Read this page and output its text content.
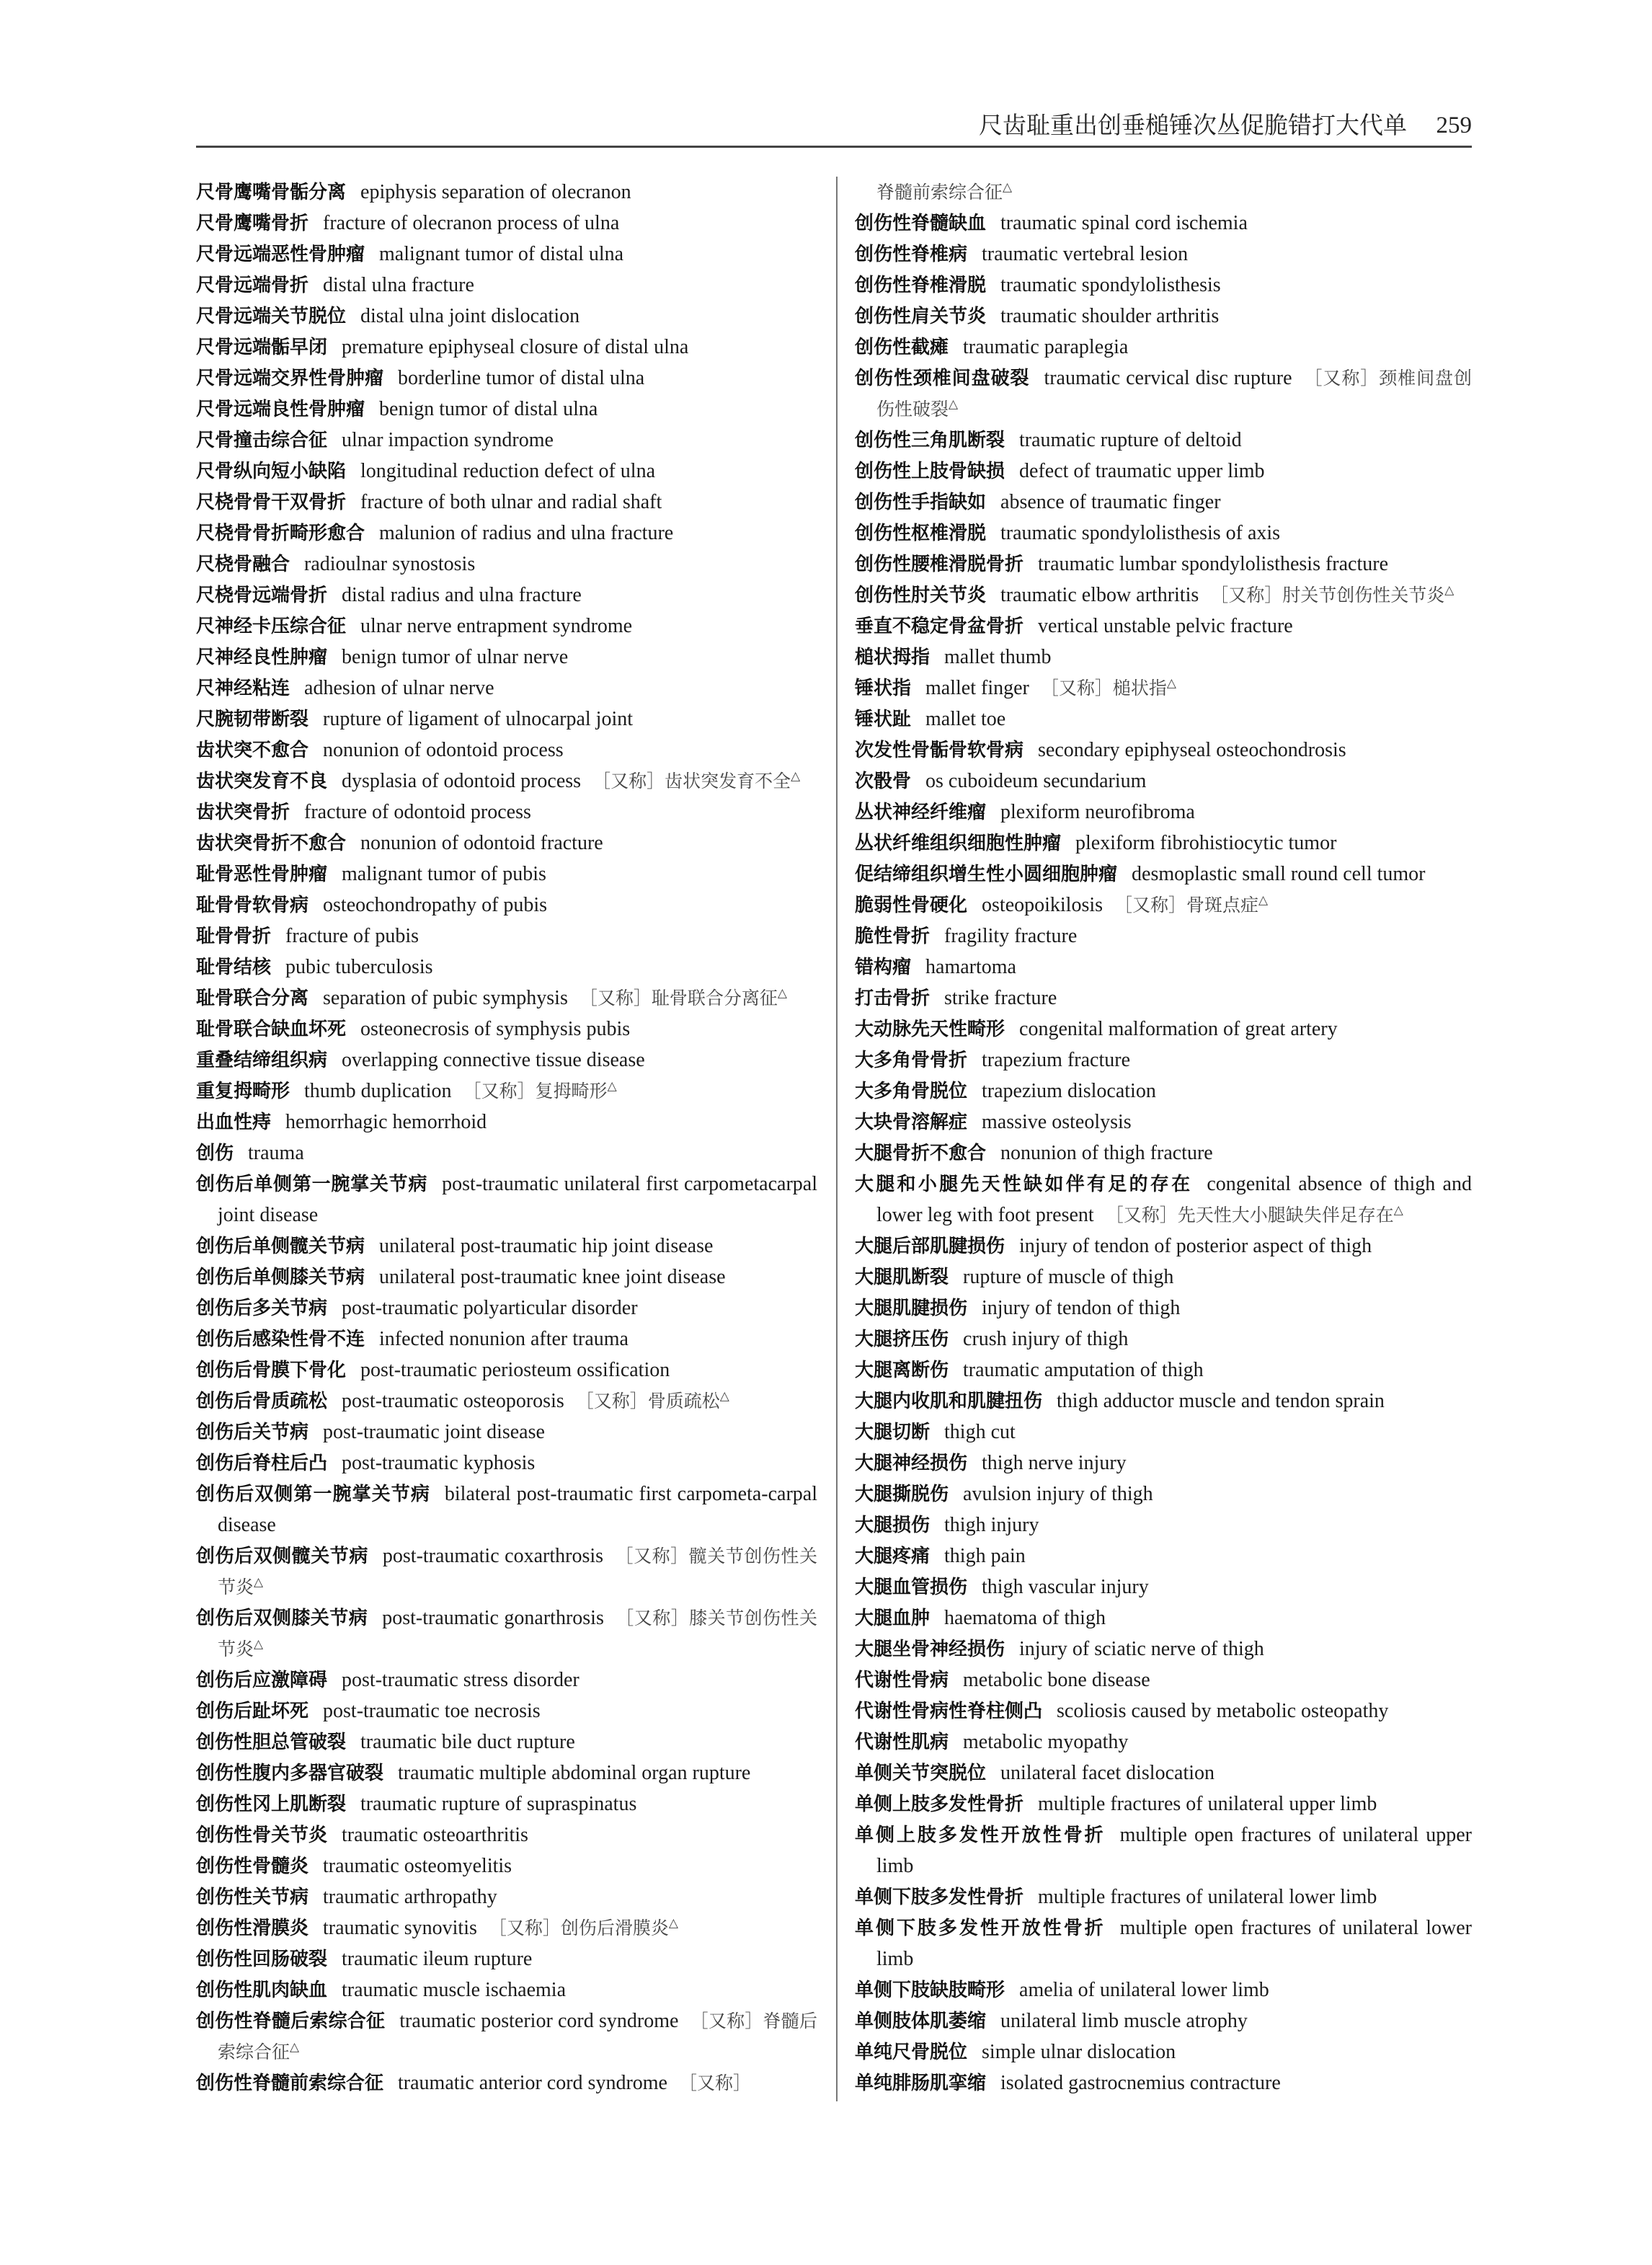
尺齿耻重出创垂槌锤次丛促脆错打大代单 259
尺骨鹰嘴骨骺分离 epiphysis separation of olecranon
尺骨鹰嘴骨折 fracture of olecranon process of ulna
尺骨远端恶性骨肿瘤 malignant tumor of distal ulna
尺骨远端骨折 distal ulna fracture
尺骨远端关节脱位 distal ulna joint dislocation
尺骨远端骺早闭 premature epiphyseal closure of distal ulna
尺骨远端交界性骨肿瘤 borderline tumor of distal ulna
尺骨远端良性骨肿瘤 benign tumor of distal ulna
尺骨撞击综合征 ulnar impaction syndrome
尺骨纵向短小缺陷 longitudinal reduction defect of ulna
尺桡骨骨干双骨折 fracture of both ulnar and radial shaft
尺桡骨骨折畸形愈合 malunion of radius and ulna fracture
尺桡骨融合 radioulnar synostosis
尺桡骨远端骨折 distal radius and ulna fracture
尺神经卡压综合征 ulnar nerve entrapment syndrome
尺神经良性肿瘤 benign tumor of ulnar nerve
尺神经粘连 adhesion of ulnar nerve
尺腕韧带断裂 rupture of ligament of ulnocarpal joint
齿状突不愈合 nonunion of odontoid process
齿状突发育不良 dysplasia of odontoid process ［又称］齿状突发育不全△
齿状突骨折 fracture of odontoid process
齿状突骨折不愈合 nonunion of odontoid fracture
耻骨恶性骨肿瘤 malignant tumor of pubis
耻骨骨软骨病 osteochondropathy of pubis
耻骨骨折 fracture of pubis
耻骨结核 pubic tuberculosis
耻骨联合分离 separation of pubic symphysis ［又称］耻骨联合分离征△
耻骨联合缺血坏死 osteonecrosis of symphysis pubis
重叠结缔组织病 overlapping connective tissue disease
重复拇畸形 thumb duplication ［又称］复拇畸形△
出血性痔 hemorrhagic hemorrhoid
创伤 trauma
创伤后单侧第一腕掌关节病 post-traumatic unilateral first carpometacarpal joint disease
创伤后单侧髋关节病 unilateral post-traumatic hip joint disease
创伤后单侧膝关节病 unilateral post-traumatic knee joint disease
创伤后多关节病 post-traumatic polyarticular disorder
创伤后感染性骨不连 infected nonunion after trauma
创伤后骨膜下骨化 post-traumatic periosteum ossification
创伤后骨质疏松 post-traumatic osteoporosis ［又称］骨质疏松△
创伤后关节病 post-traumatic joint disease
创伤后脊柱后凸 post-traumatic kyphosis
创伤后双侧第一腕掌关节病 bilateral post-traumatic first carpometa-carpal disease
创伤后双侧髋关节病 post-traumatic coxarthrosis ［又称］髋关节创伤性关节炎△
创伤后双侧膝关节病 post-traumatic gonarthrosis ［又称］膝关节创伤性关节炎△
创伤后应激障碍 post-traumatic stress disorder
创伤后趾坏死 post-traumatic toe necrosis
创伤性胆总管破裂 traumatic bile duct rupture
创伤性腹内多器官破裂 traumatic multiple abdominal organ rupture
创伤性冈上肌断裂 traumatic rupture of supraspinatus
创伤性骨关节炎 traumatic osteoarthritis
创伤性骨髓炎 traumatic osteomyelitis
创伤性关节病 traumatic arthropathy
创伤性滑膜炎 traumatic synovitis ［又称］创伤后滑膜炎△
创伤性回肠破裂 traumatic ileum rupture
创伤性肌肉缺血 traumatic muscle ischaemia
创伤性脊髓后索综合征 traumatic posterior cord syndrome ［又称］脊髓后索综合征△
创伤性脊髓前索综合征 traumatic anterior cord syndrome ［又称］
脊髓前索综合征△
创伤性脊髓缺血 traumatic spinal cord ischemia
创伤性脊椎病 traumatic vertebral lesion
创伤性脊椎滑脱 traumatic spondylolisthesis
创伤性肩关节炎 traumatic shoulder arthritis
创伤性截瘫 traumatic paraplegia
创伤性颈椎间盘破裂 traumatic cervical disc rupture ［又称］颈椎间盘创伤性破裂△
创伤性三角肌断裂 traumatic rupture of deltoid
创伤性上肢骨缺损 defect of traumatic upper limb
创伤性手指缺如 absence of traumatic finger
创伤性枢椎滑脱 traumatic spondylolisthesis of axis
创伤性腰椎滑脱骨折 traumatic lumbar spondylolisthesis fracture
创伤性肘关节炎 traumatic elbow arthritis ［又称］肘关节创伤性关节炎△
垂直不稳定骨盆骨折 vertical unstable pelvic fracture
槌状拇指 mallet thumb
锤状指 mallet finger ［又称］槌状指△
锤状趾 mallet toe
次发性骨骺骨软骨病 secondary epiphyseal osteochondrosis
次骰骨 os cuboideum secundarium
丛状神经纤维瘤 plexiform neurofibroma
丛状纤维组织细胞性肿瘤 plexiform fibrohistiocytic tumor
促结缔组织增生性小圆细胞肿瘤 desmoplastic small round cell tumor
脆弱性骨硬化 osteopoikilosis ［又称］骨斑点症△
脆性骨折 fragility fracture
错构瘤 hamartoma
打击骨折 strike fracture
大动脉先天性畸形 congenital malformation of great artery
大多角骨骨折 trapezium fracture
大多角骨脱位 trapezium dislocation
大块骨溶解症 massive osteolysis
大腿骨折不愈合 nonunion of thigh fracture
大腿和小腿先天性缺如伴有足的存在 congenital absence of thigh and lower leg with foot present ［又称］先天性大小腿缺失伴足存在△
大腿后部肌腱损伤 injury of tendon of posterior aspect of thigh
大腿肌断裂 rupture of muscle of thigh
大腿肌腱损伤 injury of tendon of thigh
大腿挤压伤 crush injury of thigh
大腿离断伤 traumatic amputation of thigh
大腿内收肌和肌腱扭伤 thigh adductor muscle and tendon sprain
大腿切断 thigh cut
大腿神经损伤 thigh nerve injury
大腿撕脱伤 avulsion injury of thigh
大腿损伤 thigh injury
大腿疼痛 thigh pain
大腿血管损伤 thigh vascular injury
大腿血肿 haematoma of thigh
大腿坐骨神经损伤 injury of sciatic nerve of thigh
代谢性骨病 metabolic bone disease
代谢性骨病性脊柱侧凸 scoliosis caused by metabolic osteopathy
代谢性肌病 metabolic myopathy
单侧关节突脱位 unilateral facet dislocation
单侧上肢多发性骨折 multiple fractures of unilateral upper limb
单侧上肢多发性开放性骨折 multiple open fractures of unilateral upper limb
单侧下肢多发性骨折 multiple fractures of unilateral lower limb
单侧下肢多发性开放性骨折 multiple open fractures of unilateral lower limb
单侧下肢缺肢畸形 amelia of unilateral lower limb
单侧肢体肌萎缩 unilateral limb muscle atrophy
单纯尺骨脱位 simple ulnar dislocation
单纯腓肠肌挛缩 isolated gastrocnemius contracture
